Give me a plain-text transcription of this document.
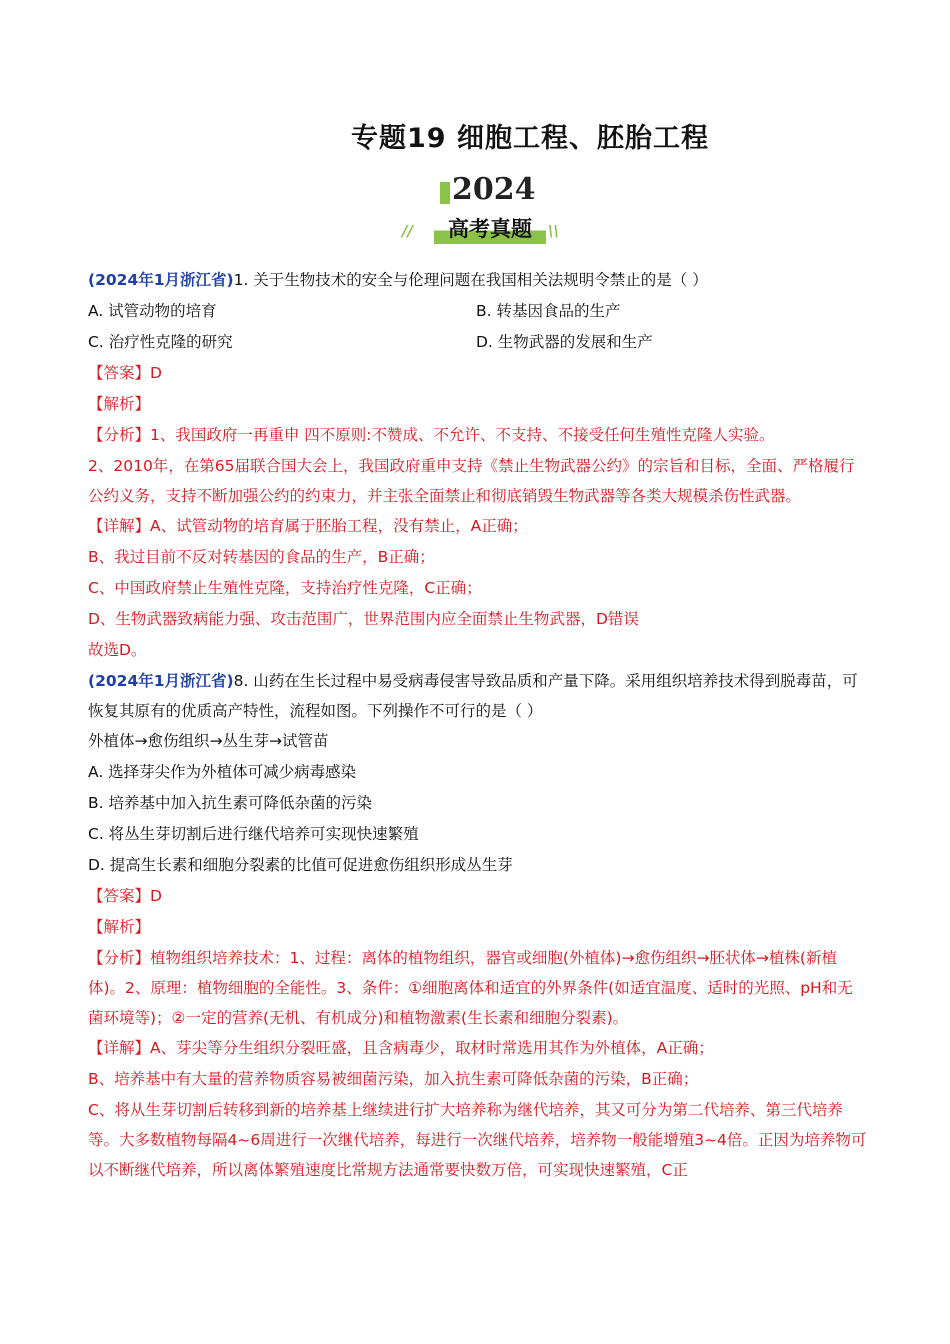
专题19 细胞工程、胚胎工程
2024
//	高考真题	\\
(2024年1月浙江省)1. 关于生物技术的安全与伦理问题在我国相关法规明令禁止的是（ ）
A. 试管动物的培育	B. 转基因食品的生产
C. 治疗性克隆的研究	D. 生物武器的发展和生产
【答案】D
【解析】
【分析】1、我国政府一再重申 四不原则:不赞成、不允许、不支持、不接受任何生殖性克隆人实验。
2、2010年，在第65届联合国大会上，我国政府重申支持《禁止生物武器公约》的宗旨和目标，全面、严格履行公约义务，支持不断加强公约的约束力，并主张全面禁止和彻底销毁生物武器等各类大规模杀伤性武器。
【详解】A、试管动物的培育属于胚胎工程，没有禁止，A正确；
B、我过目前不反对转基因的食品的生产，B正确；
C、中国政府禁止生殖性克隆，支持治疗性克隆，C正确；
D、生物武器致病能力强、攻击范围广，世界范围内应全面禁止生物武器，D错误
故选D。
(2024年1月浙江省)8. 山药在生长过程中易受病毒侵害导致品质和产量下降。采用组织培养技术得到脱毒苗，可恢复其原有的优质高产特性，流程如图。下列操作不可行的是（ ）
外植体→愈伤组织→丛生芽→试管苗
A. 选择芽尖作为外植体可减少病毒感染
B. 培养基中加入抗生素可降低杂菌的污染
C. 将丛生芽切割后进行继代培养可实现快速繁殖
D. 提高生长素和细胞分裂素的比值可促进愈伤组织形成丛生芽
【答案】D
【解析】
【分析】植物组织培养技术：1、过程：离体的植物组织，器官或细胞(外植体)→愈伤组织→胚状体→植株(新植体)。2、原理：植物细胞的全能性。3、条件：①细胞离体和适宜的外界条件(如适宜温度、适时的光照、pH和无菌环境等)；②一定的营养(无机、有机成分)和植物激素(生长素和细胞分裂素)。
【详解】A、芽尖等分生组织分裂旺盛，且含病毒少，取材时常选用其作为外植体，A正确；
B、培养基中有大量的营养物质容易被细菌污染，加入抗生素可降低杂菌的污染，B正确；
C、将从生芽切割后转移到新的培养基上继续进行扩大培养称为继代培养，其又可分为第二代培养、第三代培养等。大多数植物每隔4~6周进行一次继代培养，每进行一次继代培养，培养物一般能增殖3~4倍。正因为培养物可以不断继代培养，所以离体繁殖速度比常规方法通常要快数万倍，可实现快速繁殖，C正
